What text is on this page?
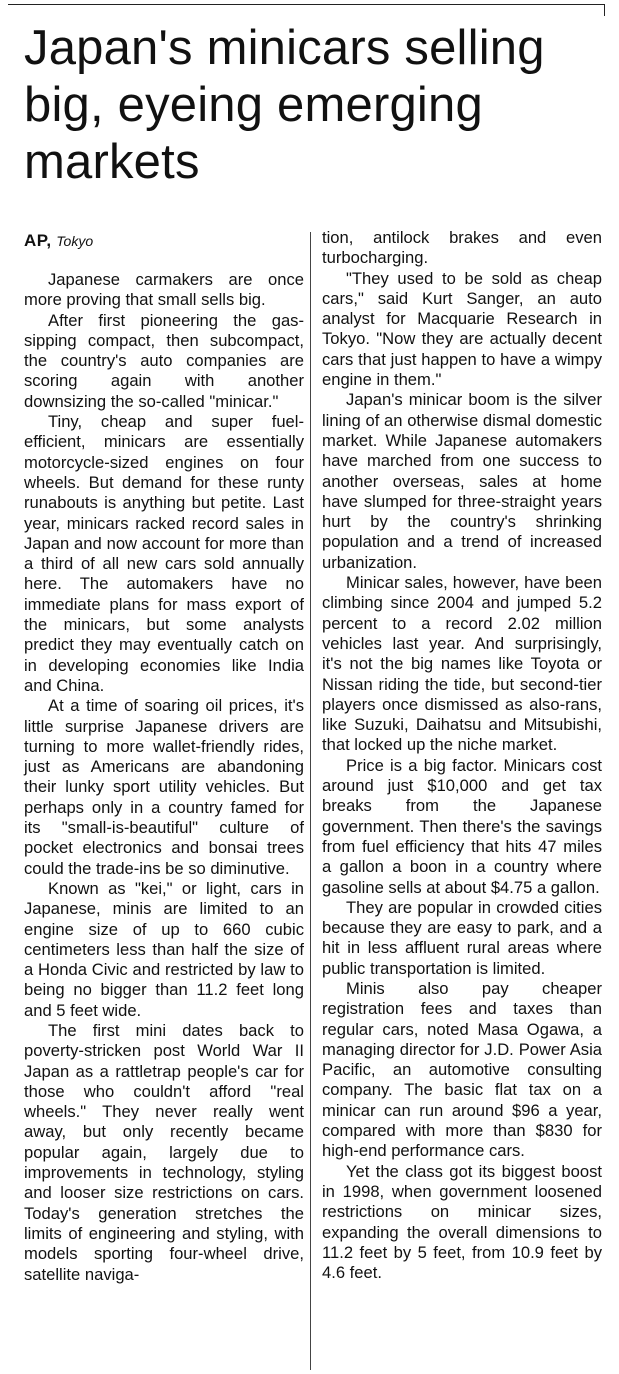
Japan's minicars selling big, eyeing emerging markets
AP, Tokyo

Japanese carmakers are once more proving that small sells big.

After first pioneering the gas-sipping compact, then subcompact, the country's auto companies are scoring again with another downsizing the so-called "minicar."

Tiny, cheap and super fuel-efficient, minicars are essentially motorcycle-sized engines on four wheels. But demand for these runty runabouts is anything but petite. Last year, minicars racked record sales in Japan and now account for more than a third of all new cars sold annually here. The automakers have no immediate plans for mass export of the minicars, but some analysts predict they may eventually catch on in developing economies like India and China.

At a time of soaring oil prices, it's little surprise Japanese drivers are turning to more wallet-friendly rides, just as Americans are abandoning their lunky sport utility vehicles. But perhaps only in a country famed for its "small-is-beautiful" culture of pocket electronics and bonsai trees could the trade-ins be so diminutive.

Known as "kei," or light, cars in Japanese, minis are limited to an engine size of up to 660 cubic centimeters less than half the size of a Honda Civic and restricted by law to being no bigger than 11.2 feet long and 5 feet wide.

The first mini dates back to poverty-stricken post World War II Japan as a rattletrap people's car for those who couldn't afford "real wheels." They never really went away, but only recently became popular again, largely due to improvements in technology, styling and looser size restrictions on cars. Today's generation stretches the limits of engineering and styling, with models sporting four-wheel drive, satellite naviga-

tion, antilock brakes and even turbocharging.

"They used to be sold as cheap cars," said Kurt Sanger, an auto analyst for Macquarie Research in Tokyo. "Now they are actually decent cars that just happen to have a wimpy engine in them."

Japan's minicar boom is the silver lining of an otherwise dismal domestic market. While Japanese automakers have marched from one success to another overseas, sales at home have slumped for three-straight years hurt by the country's shrinking population and a trend of increased urbanization.

Minicar sales, however, have been climbing since 2004 and jumped 5.2 percent to a record 2.02 million vehicles last year. And surprisingly, it's not the big names like Toyota or Nissan riding the tide, but second-tier players once dismissed as also-rans, like Suzuki, Daihatsu and Mitsubishi, that locked up the niche market.

Price is a big factor. Minicars cost around just $10,000 and get tax breaks from the Japanese government. Then there's the savings from fuel efficiency that hits 47 miles a gallon a boon in a country where gasoline sells at about $4.75 a gallon.

They are popular in crowded cities because they are easy to park, and a hit in less affluent rural areas where public transportation is limited.

Minis also pay cheaper registration fees and taxes than regular cars, noted Masa Ogawa, a managing director for J.D. Power Asia Pacific, an automotive consulting company. The basic flat tax on a minicar can run around $96 a year, compared with more than $830 for high-end performance cars.

Yet the class got its biggest boost in 1998, when government loosened restrictions on minicar sizes, expanding the overall dimensions to 11.2 feet by 5 feet, from 10.9 feet by 4.6 feet.
